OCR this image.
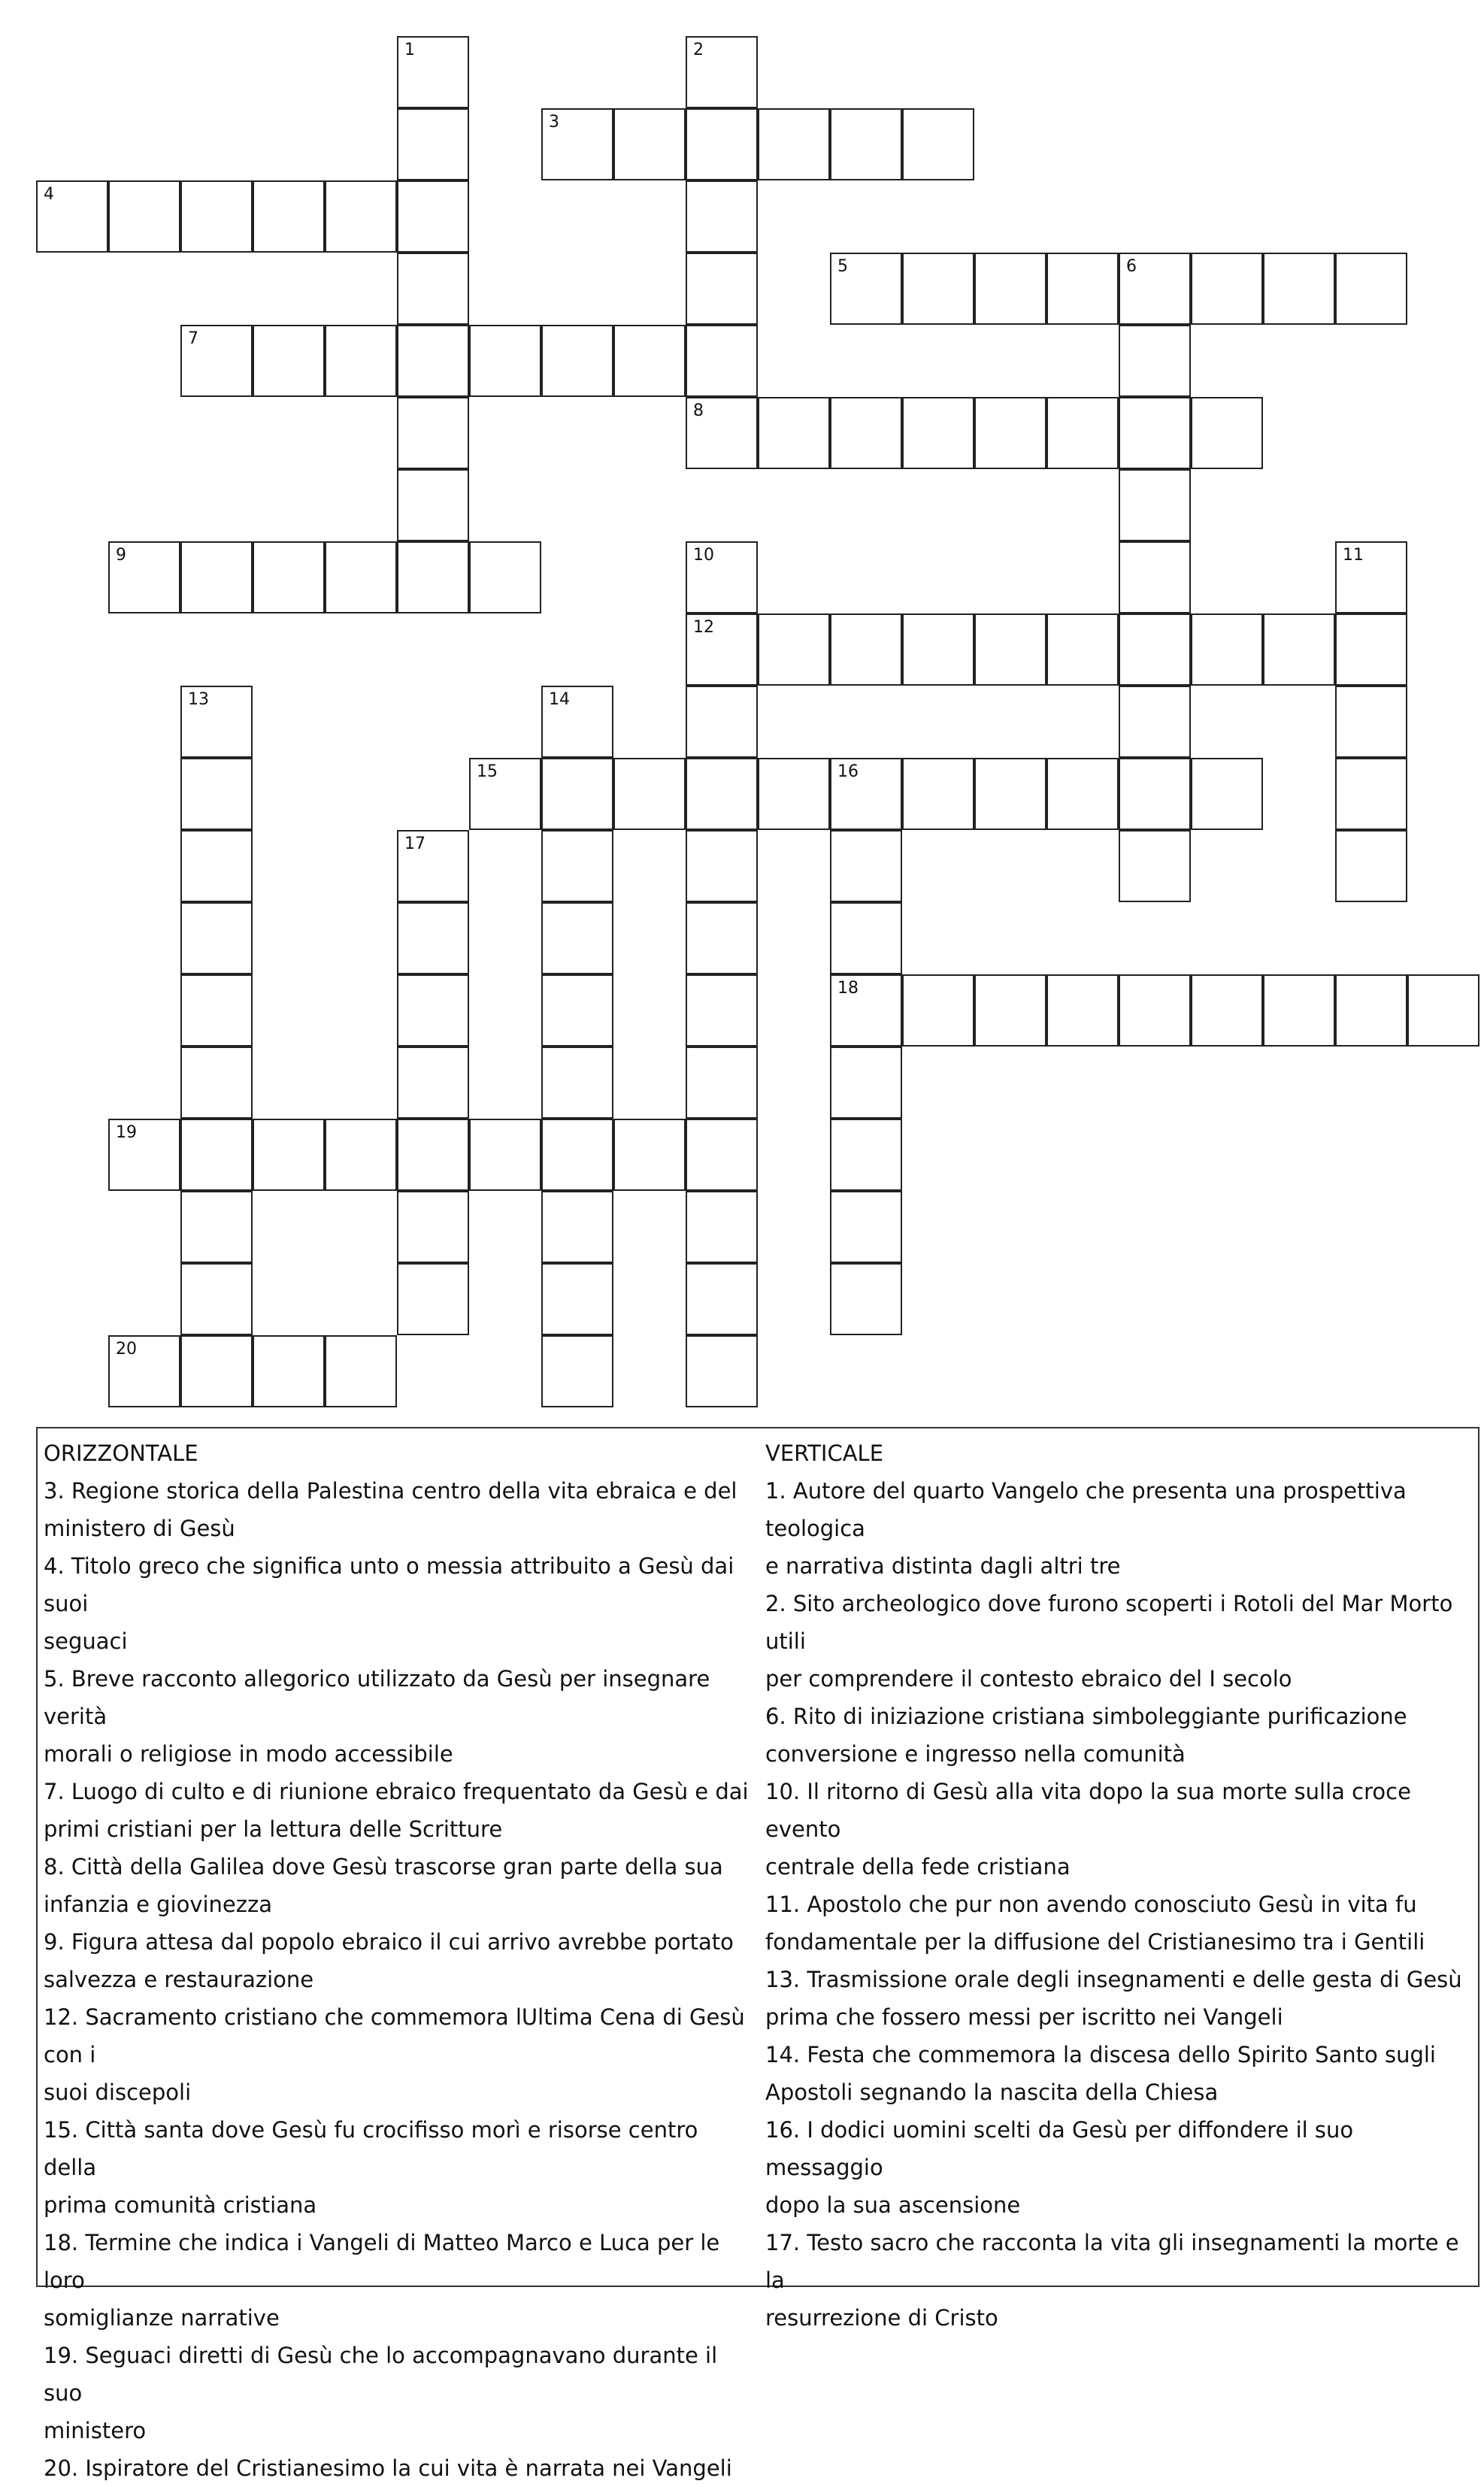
1	2
8
3
4
5	6
7
9	10
12
11
13	14
15	16
18
17
19
20

ORIZZONTALE

3. Regione storica della Palestina centro della vita ebraica e del

ministero di Gesù

4. Titolo greco che significa unto o messia attribuito a Gesù dai suoi

seguaci

5. Breve racconto allegorico utilizzato da Gesù per insegnare verità

morali o religiose in modo accessibile

7. Luogo di culto e di riunione ebraico frequentato da Gesù e dai

primi cristiani per la lettura delle Scritture

8. Città della Galilea dove Gesù trascorse gran parte della sua

infanzia e giovinezza

9. Figura attesa dal popolo ebraico il cui arrivo avrebbe portato

salvezza e restaurazione

12. Sacramento cristiano che commemora lUltima Cena di Gesù con i

suoi discepoli

15. Città santa dove Gesù fu crocifisso morì e risorse centro della

prima comunità cristiana

18. Termine che indica i Vangeli di Matteo Marco e Luca per le loro

somiglianze narrative

19. Seguaci diretti di Gesù che lo accompagnavano durante il suo

ministero

20. Ispiratore del Cristianesimo la cui vita è narrata nei Vangeli

VERTICALE

1. Autore del quarto Vangelo che presenta una prospettiva teologica

e narrativa distinta dagli altri tre

2. Sito archeologico dove furono scoperti i Rotoli del Mar Morto utili

per comprendere il contesto ebraico del I secolo

6. Rito di iniziazione cristiana simboleggiante purificazione

conversione e ingresso nella comunità

10. Il ritorno di Gesù alla vita dopo la sua morte sulla croce evento

centrale della fede cristiana

11. Apostolo che pur non avendo conosciuto Gesù in vita fu

fondamentale per la diffusione del Cristianesimo tra i Gentili

13. Trasmissione orale degli insegnamenti e delle gesta di Gesù

prima che fossero messi per iscritto nei Vangeli

14. Festa che commemora la discesa dello Spirito Santo sugli

Apostoli segnando la nascita della Chiesa

16. I dodici uomini scelti da Gesù per diffondere il suo messaggio

dopo la sua ascensione

17. Testo sacro che racconta la vita gli insegnamenti la morte e la

resurrezione di Cristo
